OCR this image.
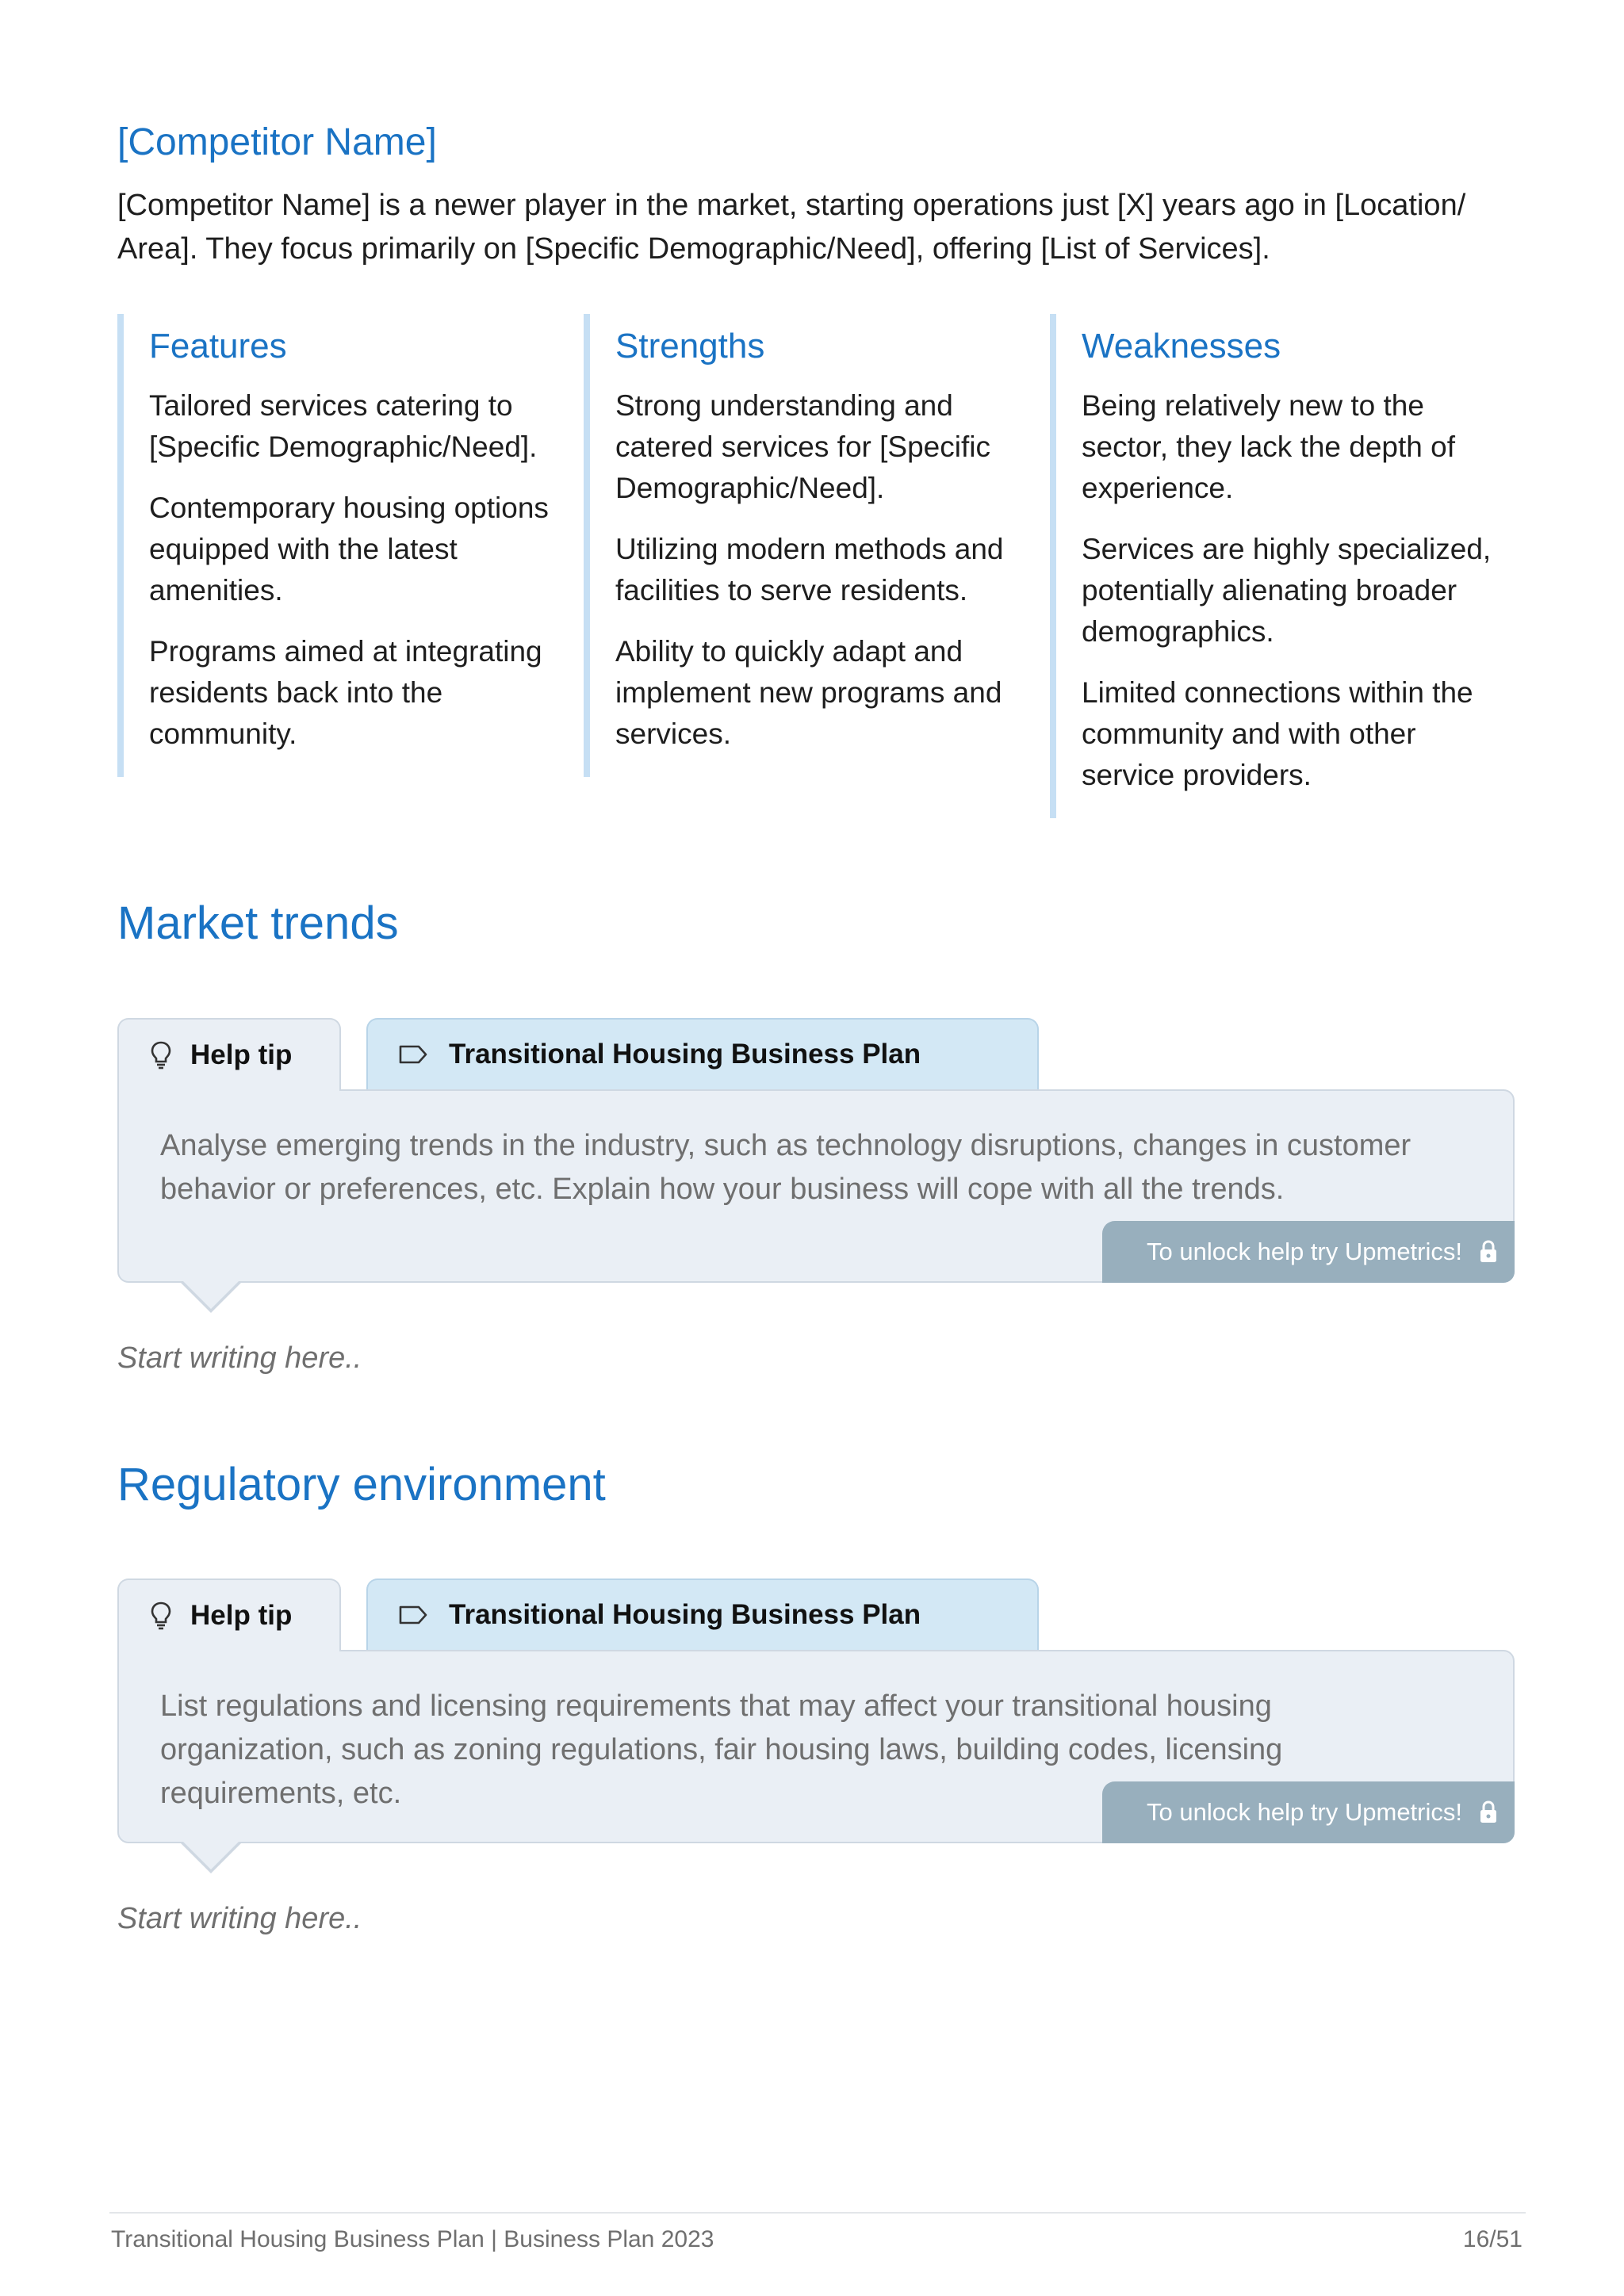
[Competitor Name]
[Competitor Name] is a newer player in the market, starting operations just [X] years ago in [Location/ Area]. They focus primarily on [Specific Demographic/Need], offering [List of Services].
Features

Tailored services catering to [Specific Demographic/Need].

Contemporary housing options equipped with the latest amenities.

Programs aimed at integrating residents back into the community.

Strengths

Strong understanding and catered services for [Specific Demographic/Need].

Utilizing modern methods and facilities to serve residents.

Ability to quickly adapt and implement new programs and services.

Weaknesses

Being relatively new to the sector, they lack the depth of experience.

Services are highly specialized, potentially alienating broader demographics.

Limited connections within the community and with other service providers.

Market trends
Help tip	Transitional Housing Business Plan
Analyse emerging trends in the industry, such as technology disruptions, changes in customer behavior or preferences, etc. Explain how your business will cope with all the trends.
To unlock help try Upmetrics!
Start writing here..
Regulatory environment
Help tip	Transitional Housing Business Plan
List regulations and licensing requirements that may affect your transitional housing organization, such as zoning regulations, fair housing laws, building codes, licensing requirements, etc.
To unlock help try Upmetrics!
Start writing here..
Transitional Housing Business Plan | Business Plan 2023	16/51
